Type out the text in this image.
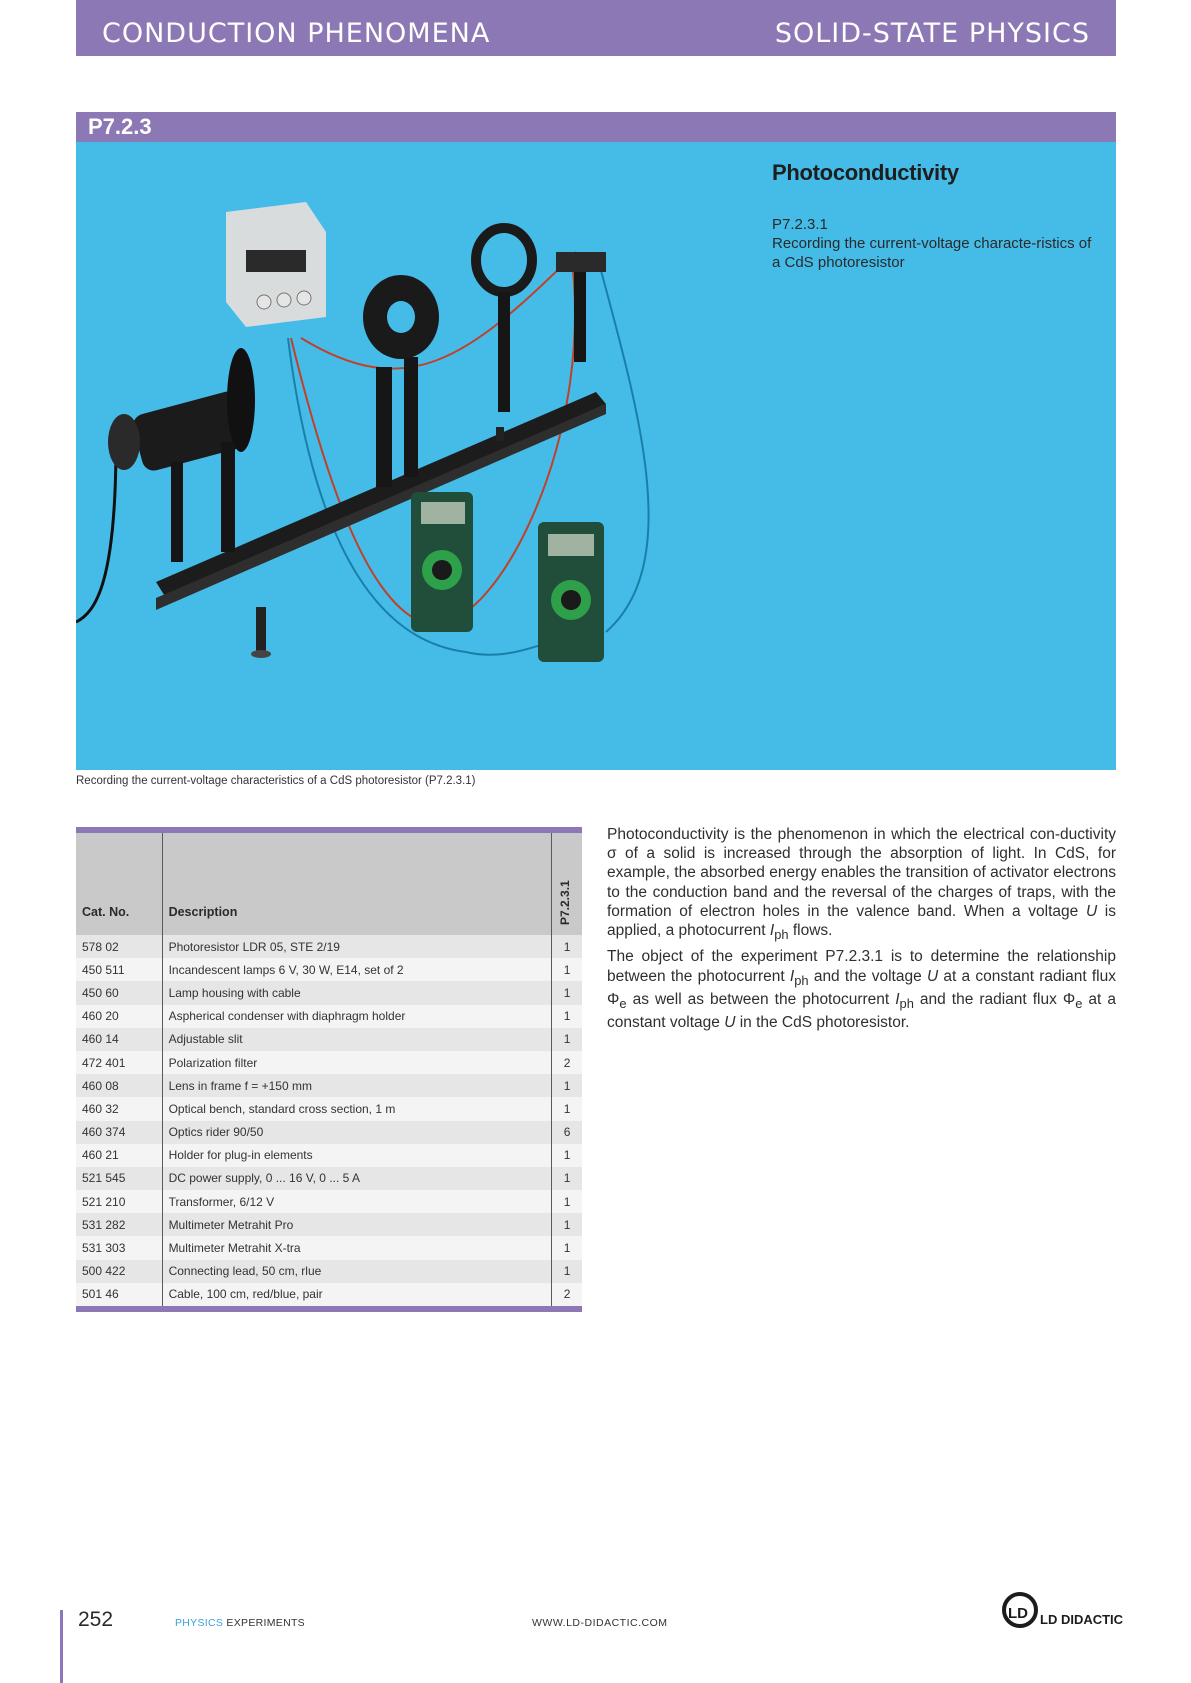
CONDUCTION PHENOMENA	SOLID-STATE PHYSICS
P7.2.3
Photoconductivity
P7.2.3.1
Recording the current-voltage characte-ristics of a CdS photoresistor
Recording the current-voltage characteristics of a CdS photoresistor (P7.2.3.1)
Cat. No.	Description	P7.2.3.1

578 02	Photoresistor LDR 05, STE 2/19	1
450 511	Incandescent lamps 6 V, 30 W, E14, set of 2	1
450 60	Lamp housing with cable	1
460 20	Aspherical condenser with diaphragm holder	1
460 14	Adjustable slit	1
472 401	Polarization filter	2
460 08	Lens in frame f = +150 mm	1
460 32	Optical bench, standard cross section, 1 m	1
460 374	Optics rider 90/50	6
460 21	Holder for plug-in elements	1
521 545	DC power supply, 0 ... 16 V, 0 ... 5 A	1
521 210	Transformer, 6/12 V	1
531 282	Multimeter Metrahit Pro	1
531 303	Multimeter Metrahit X-tra	1
500 422	Connecting lead, 50 cm, rlue	1
501 46	Cable, 100 cm, red/blue, pair	2

Photoconductivity is the phenomenon in which the electrical con-ductivity σ of a solid is increased through the absorption of light. In CdS, for example, the absorbed energy enables the transition of activator electrons to the conduction band and the reversal of the charges of traps, with the formation of electron holes in the valence band. When a voltage U is applied, a photocurrent $I_{ph}$ flows.

The object of the experiment P7.2.3.1 is to determine the relationship between the photocurrent $I_{ph}$ and the voltage U at a constant radiant flux $\Phi_e$ as well as between the photocurrent $I_{ph}$ and the radiant flux $\Phi_e$ at a constant voltage U in the CdS photoresistor.

252	PHYSICS EXPERIMENTS	WWW.LD-DIDACTIC.COM
LD LD DIDACTIC
